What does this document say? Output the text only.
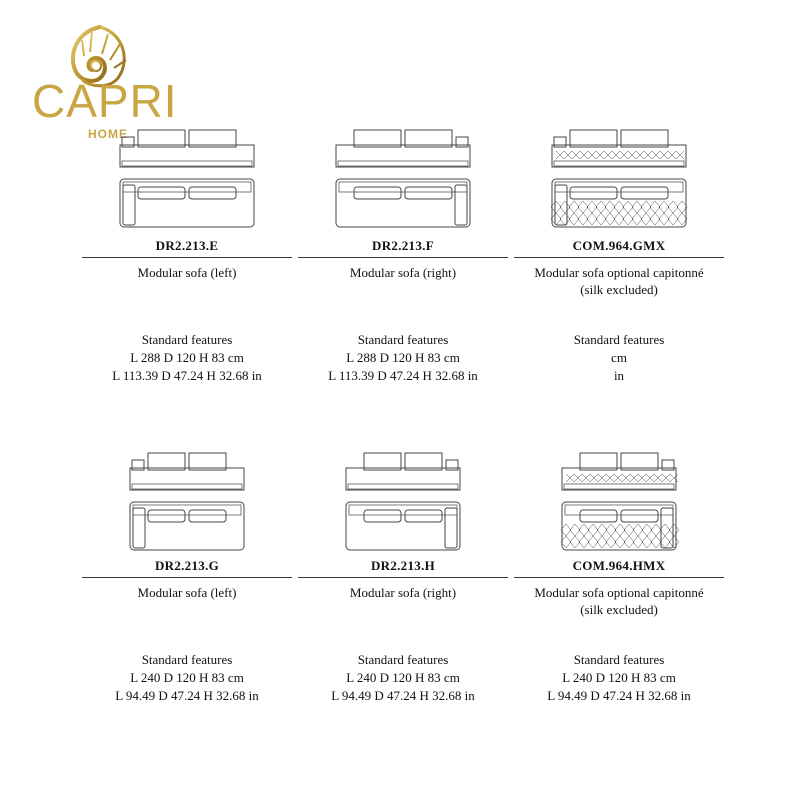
CAPRI
HOME
DR2.213.E
Modular sofa (left)
Standard features
L 288 D 120 H 83 cm
L 113.39 D 47.24 H 32.68 in
DR2.213.F
Modular sofa (right)
Standard features
L 288 D 120 H 83 cm
L 113.39 D 47.24 H 32.68 in
COM.964.GMX
Modular sofa optional capitonné
(silk excluded)
Standard features
cm
in
DR2.213.G
Modular sofa (left)
Standard features
L 240 D 120 H 83 cm
L 94.49 D 47.24 H 32.68 in
DR2.213.H
Modular sofa (right)
Standard features
L 240 D 120 H 83 cm
L 94.49 D 47.24 H 32.68 in
COM.964.HMX
Modular sofa optional capitonné
(silk excluded)
Standard features
L 240 D 120 H 83 cm
L 94.49 D 47.24 H 32.68 in
